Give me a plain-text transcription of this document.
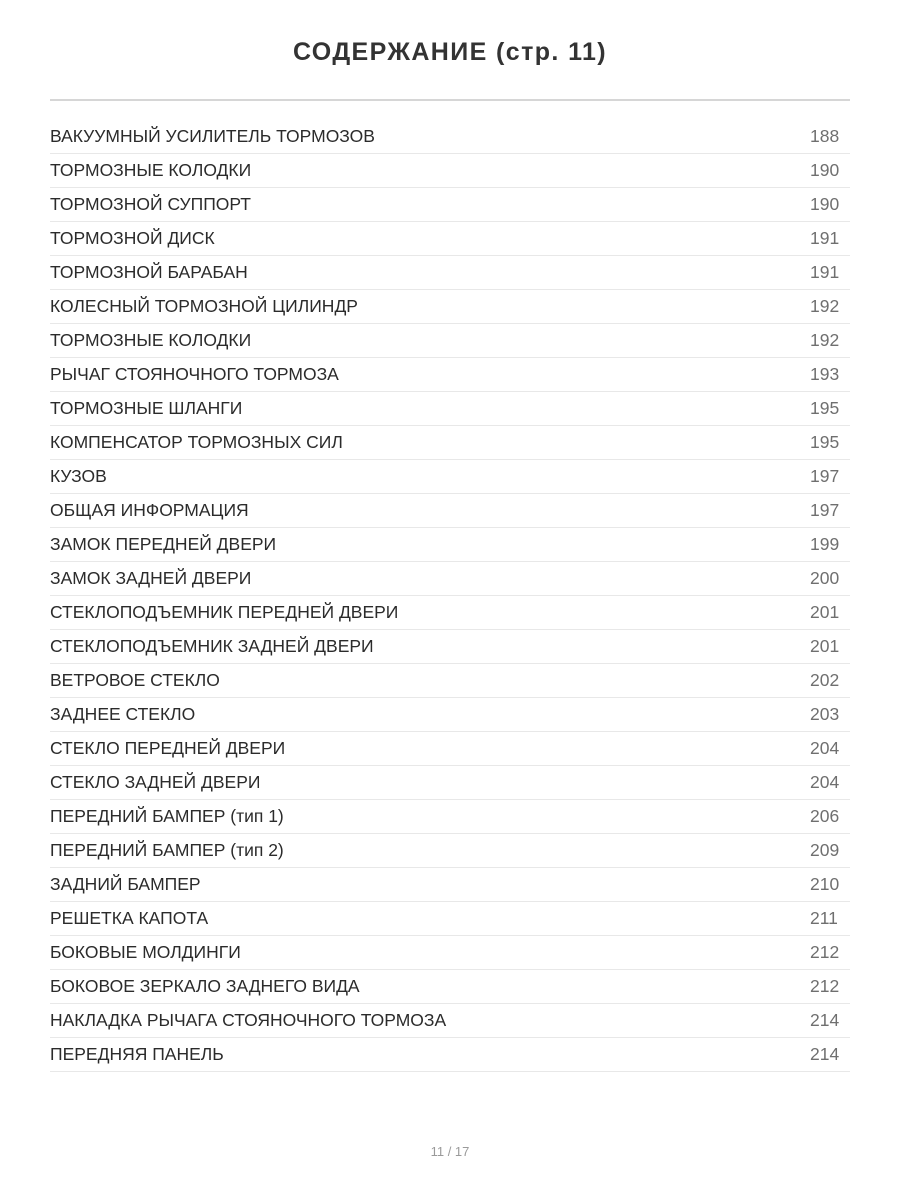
СОДЕРЖАНИЕ (стр. 11)
ВАКУУМНЫЙ УСИЛИТЕЛЬ ТОРМОЗОВ	188
ТОРМОЗНЫЕ КОЛОДКИ	190
ТОРМОЗНОЙ СУППОРТ	190
ТОРМОЗНОЙ ДИСК	191
ТОРМОЗНОЙ БАРАБАН	191
КОЛЕСНЫЙ ТОРМОЗНОЙ ЦИЛИНДР	192
ТОРМОЗНЫЕ КОЛОДКИ	192
РЫЧАГ СТОЯНОЧНОГО ТОРМОЗА	193
ТОРМОЗНЫЕ ШЛАНГИ	195
КОМПЕНСАТОР ТОРМОЗНЫХ СИЛ	195
КУЗОВ	197
ОБЩАЯ ИНФОРМАЦИЯ	197
ЗАМОК ПЕРЕДНЕЙ ДВЕРИ	199
ЗАМОК ЗАДНЕЙ ДВЕРИ	200
СТЕКЛОПОДЪЕМНИК ПЕРЕДНЕЙ ДВЕРИ	201
СТЕКЛОПОДЪЕМНИК ЗАДНЕЙ ДВЕРИ	201
ВЕТРОВОЕ СТЕКЛО	202
ЗАДНЕЕ СТЕКЛО	203
СТЕКЛО ПЕРЕДНЕЙ ДВЕРИ	204
СТЕКЛО ЗАДНЕЙ ДВЕРИ	204
ПЕРЕДНИЙ БАМПЕР (тип 1)	206
ПЕРЕДНИЙ БАМПЕР (тип 2)	209
ЗАДНИЙ БАМПЕР	210
РЕШЕТКА КАПОТА	211
БОКОВЫЕ МОЛДИНГИ	212
БОКОВОЕ ЗЕРКАЛО ЗАДНЕГО ВИДА	212
НАКЛАДКА РЫЧАГА СТОЯНОЧНОГО ТОРМОЗА	214
ПЕРЕДНЯЯ ПАНЕЛЬ	214
11 / 17
